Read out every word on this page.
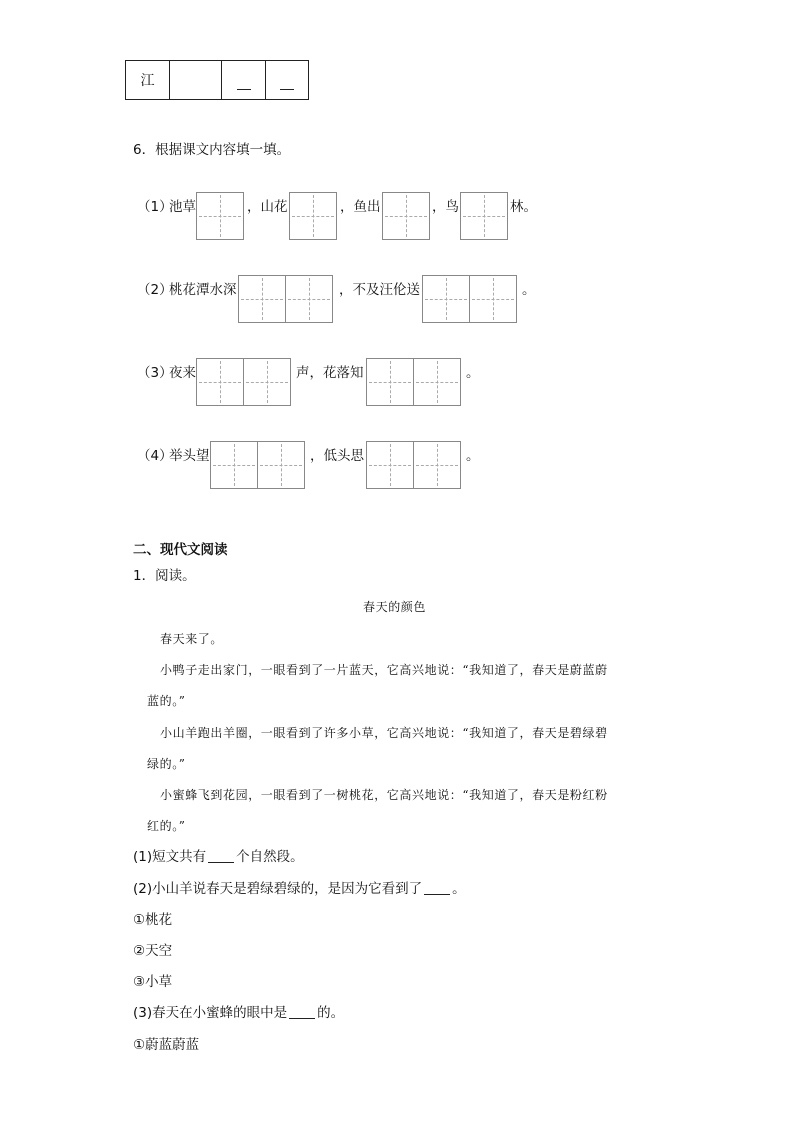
江
6．根据课文内容填一填。
（1）
池草	，山花	，鱼出	，鸟	林。
（2）
桃花潭水深	，不及汪伦送	。
（3）
夜来	声，花落知	。
（4）
举头望	，低头思	。
二、现代文阅读
1．阅读。
春天的颜色
春天来了。
小鸭子走出家门，一眼看到了一片蓝天，它高兴地说：“我知道了，春天是蔚蓝蔚
蓝的。”
小山羊跑出羊圈，一眼看到了许多小草，它高兴地说：“我知道了，春天是碧绿碧
绿的。”
小蜜蜂飞到花园，一眼看到了一树桃花，它高兴地说：“我知道了，春天是粉红粉
红的。”
(1)短文共有 个自然段。
(2)小山羊说春天是碧绿碧绿的，是因为它看到了 。
①桃花
②天空
③小草
(3)春天在小蜜蜂的眼中是 的。
①蔚蓝蔚蓝
